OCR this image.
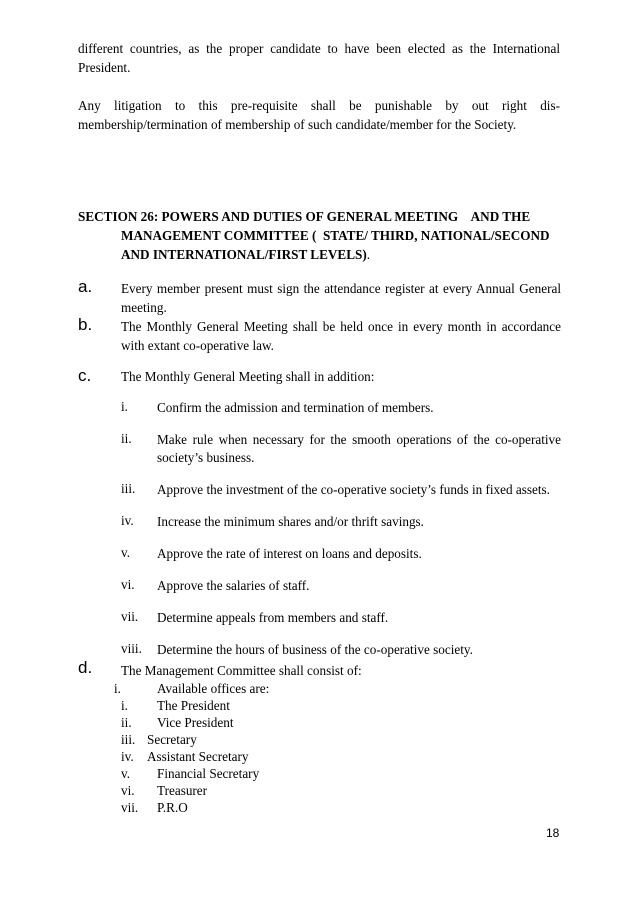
different countries, as the proper candidate to have been elected as the International President.
Any litigation to this pre-requisite shall be punishable by out right dis-membership/termination of membership of such candidate/member for the Society.
SECTION 26: POWERS AND DUTIES OF GENERAL MEETING    AND THE
MANAGEMENT COMMITTEE (  STATE/ THIRD, NATIONAL/SECOND
AND INTERNATIONAL/FIRST LEVELS).
a. Every member present must sign the attendance register at every Annual General meeting.
b. The Monthly General Meeting shall be held once in every month in accordance with extant co-operative law.
c. The Monthly General Meeting shall in addition:
i. Confirm the admission and termination of members.
ii. Make rule when necessary for the smooth operations of the co-operative society’s business.
iii. Approve the investment of the co-operative society’s funds in fixed assets.
iv. Increase the minimum shares and/or thrift savings.
v. Approve the rate of interest on loans and deposits.
vi. Approve the salaries of staff.
vii. Determine appeals from members and staff.
viii. Determine the hours of business of the co-operative society.
d. The Management Committee shall consist of:
i.	Available offices are:
i. The President
ii. Vice President
iii. Secretary
iv. Assistant Secretary
v. Financial Secretary
vi. Treasurer
vii. P.R.O
18
